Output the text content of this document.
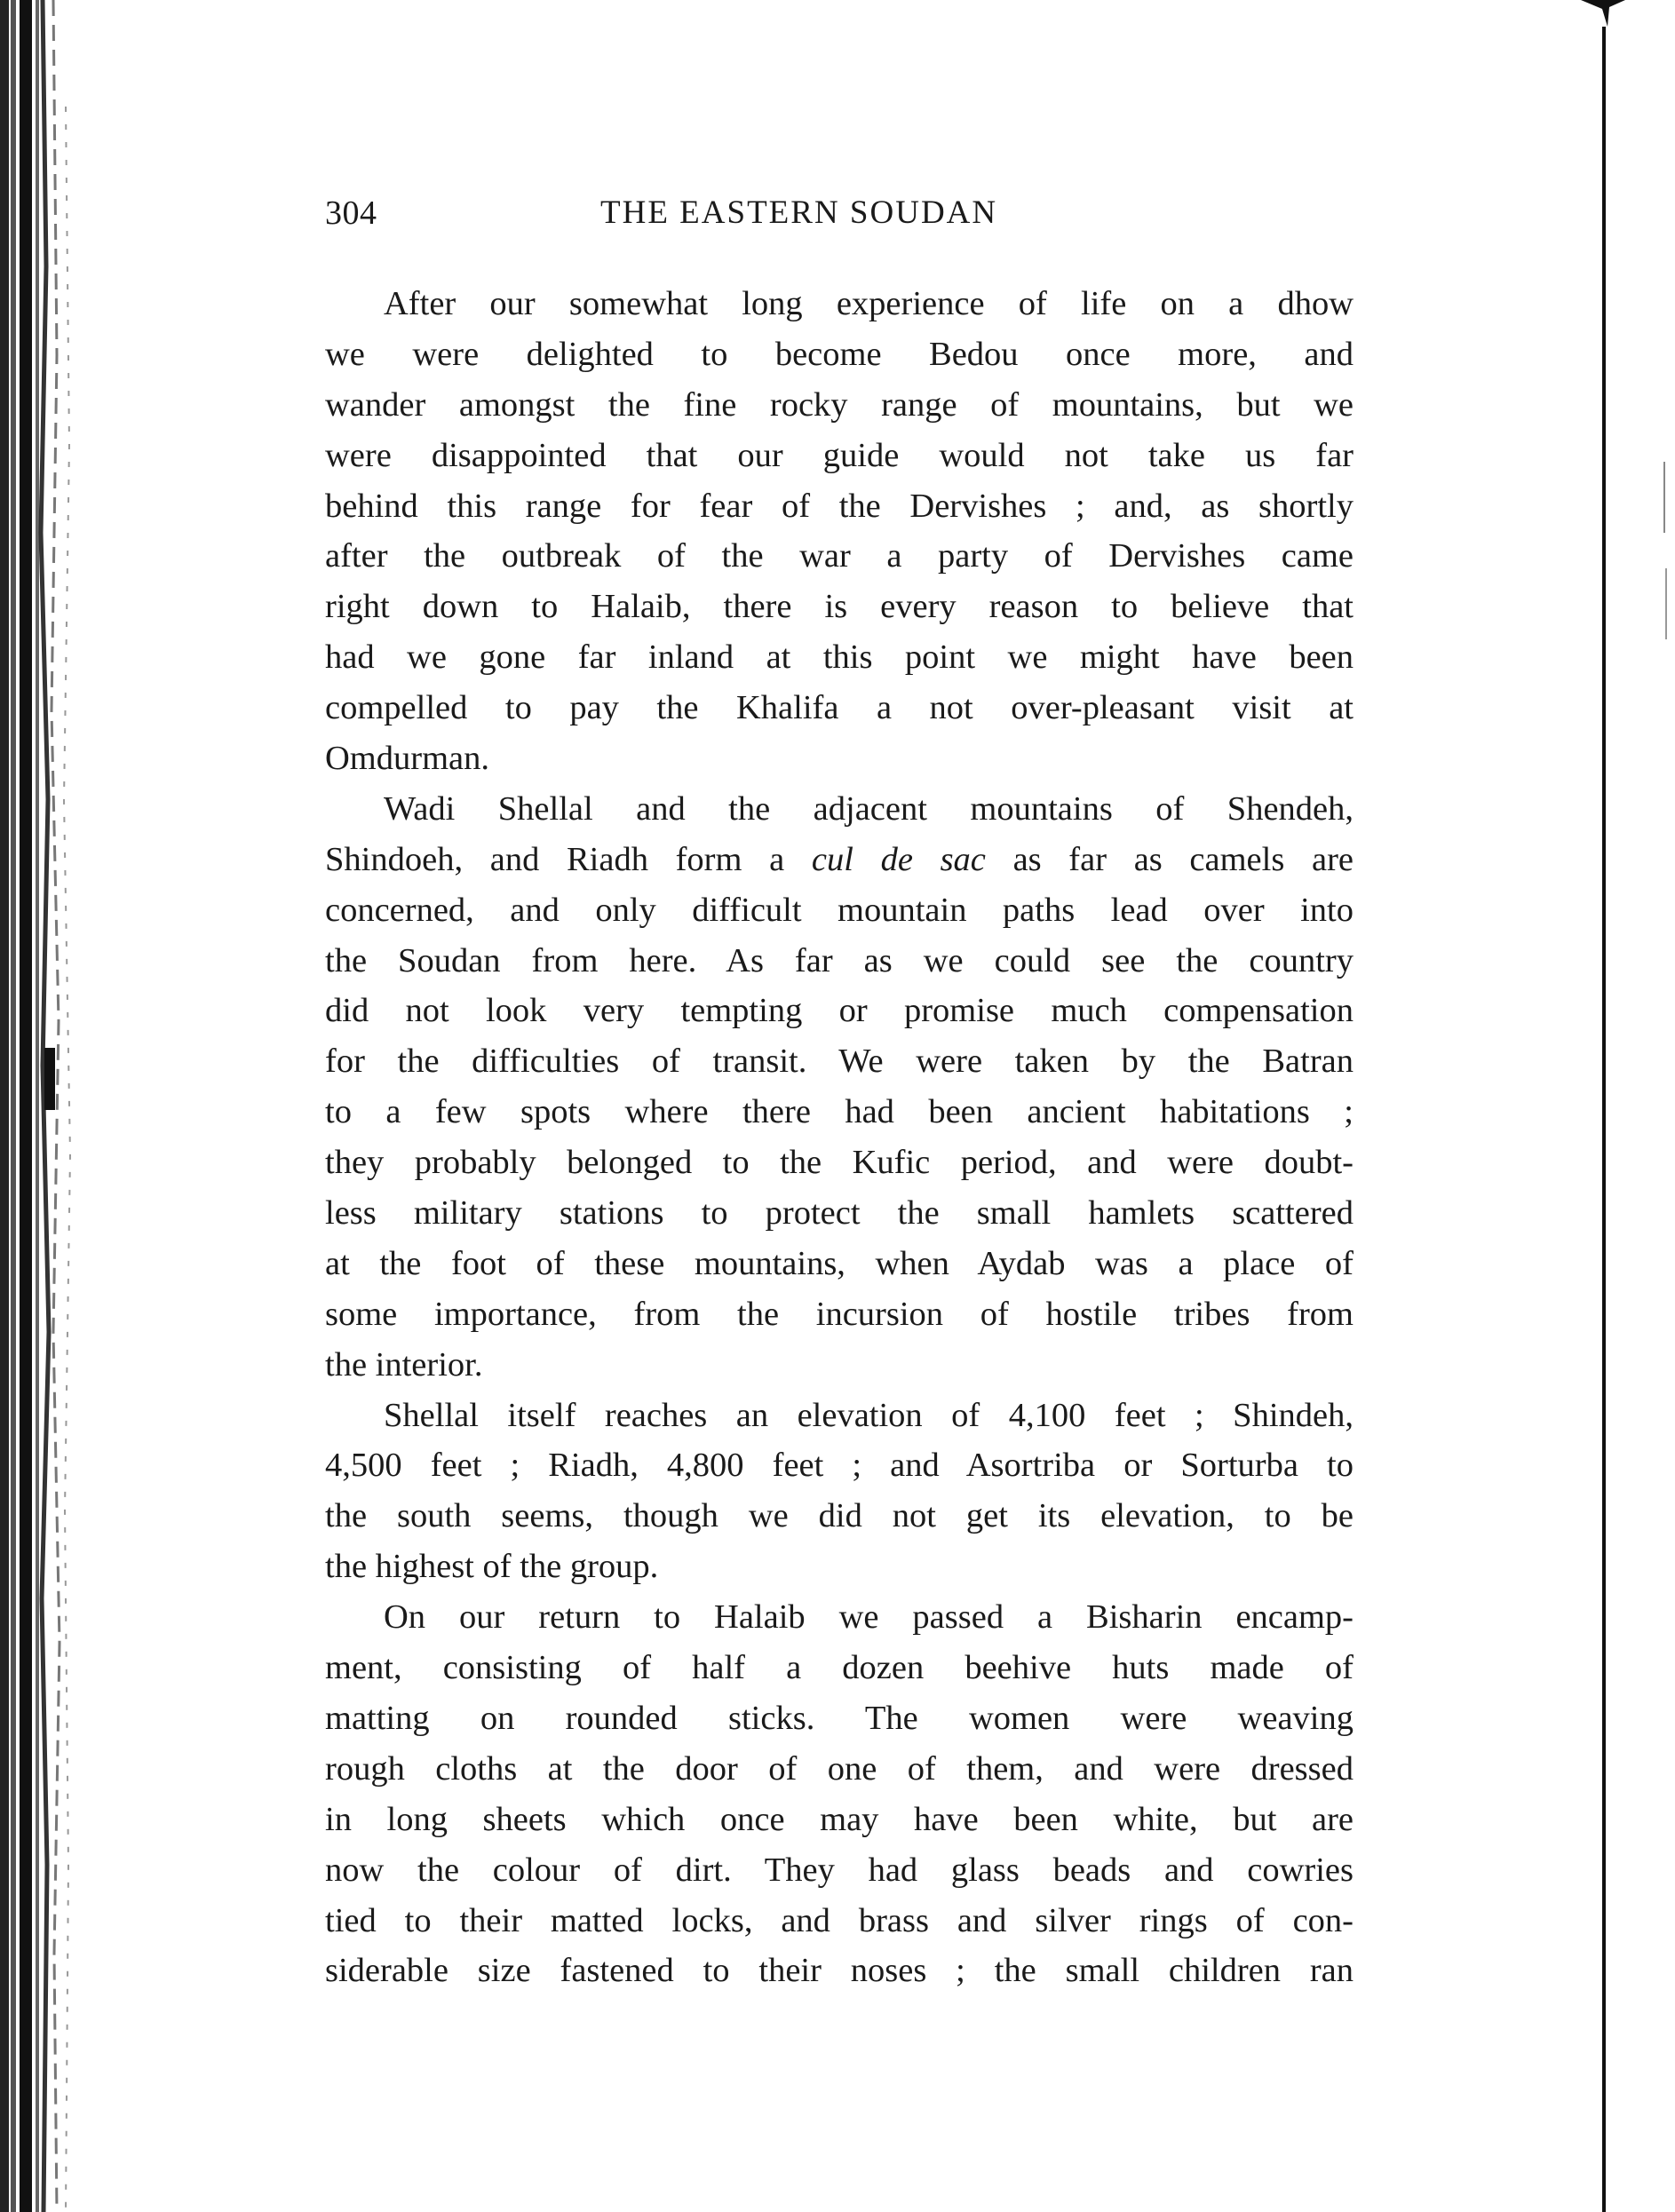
304	THE EASTERN SOUDAN
After our somewhat long experience of life on a dhow
we were delighted to become Bedou once more, and
wander amongst the fine rocky range of mountains, but we
were disappointed that our guide would not take us far
behind this range for fear of the Dervishes ; and, as shortly
after the outbreak of the war a party of Dervishes came
right down to Halaib, there is every reason to believe that
had we gone far inland at this point we might have been
compelled to pay the Khalifa a not over-pleasant visit at
Omdurman.
Wadi Shellal and the adjacent mountains of Shendeh,
Shindoeh, and Riadh form a cul de sac as far as camels are
concerned, and only difficult mountain paths lead over into
the Soudan from here. As far as we could see the country
did not look very tempting or promise much compensation
for the difficulties of transit. We were taken by the Batran
to a few spots where there had been ancient habitations ;
they probably belonged to the Kufic period, and were doubt-
less military stations to protect the small hamlets scattered
at the foot of these mountains, when Aydab was a place of
some importance, from the incursion of hostile tribes from
the interior.
Shellal itself reaches an elevation of 4,100 feet ; Shindeh,
4,500 feet ; Riadh, 4,800 feet ; and Asortriba or Sorturba to
the south seems, though we did not get its elevation, to be
the highest of the group.
On our return to Halaib we passed a Bisharin encamp-
ment, consisting of half a dozen beehive huts made of
matting on rounded sticks. The women were weaving
rough cloths at the door of one of them, and were dressed
in long sheets which once may have been white, but are
now the colour of dirt. They had glass beads and cowries
tied to their matted locks, and brass and silver rings of con-
siderable size fastened to their noses ; the small children ran
